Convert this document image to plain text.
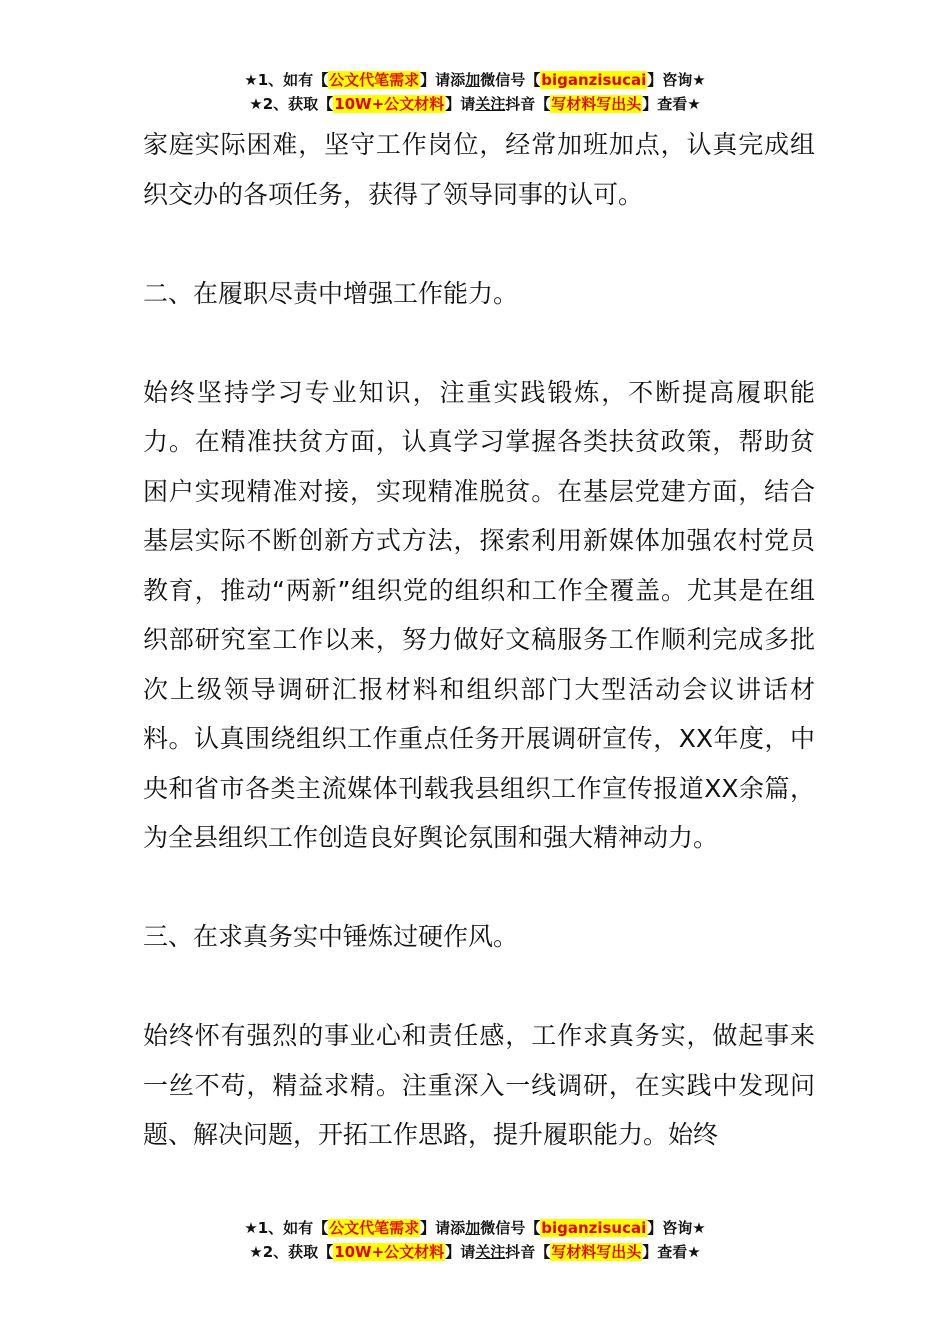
★1、如有【公文代笔需求】请添加微信号【biganzisucai】咨询★
★2、获取【10W+公文材料】请关注抖音【写材料写出头】查看★

家庭实际困难，坚守工作岗位，经常加班加点，认真完成组织交办的各项任务，获得了领导同事的认可。

二、在履职尽责中增强工作能力。

始终坚持学习专业知识，注重实践锻炼，不断提高履职能力。在精准扶贫方面，认真学习掌握各类扶贫政策，帮助贫困户实现精准对接，实现精准脱贫。在基层党建方面，结合基层实际不断创新方式方法，探索利用新媒体加强农村党员教育，推动“两新”组织党的组织和工作全覆盖。尤其是在组织部研究室工作以来，努力做好文稿服务工作顺利完成多批次上级领导调研汇报材料和组织部门大型活动会议讲话材料。认真围绕组织工作重点任务开展调研宣传，XX年度，中央和省市各类主流媒体刊载我县组织工作宣传报道XX余篇，为全县组织工作创造良好舆论氛围和强大精神动力。

三、在求真务实中锤炼过硬作风。

始终怀有强烈的事业心和责任感，工作求真务实，做起事来一丝不苟，精益求精。注重深入一线调研，在实践中发现问题、解决问题，开拓工作思路，提升履职能力。始终

★1、如有【公文代笔需求】请添加微信号【biganzisucai】咨询★
★2、获取【10W+公文材料】请关注抖音【写材料写出头】查看★
